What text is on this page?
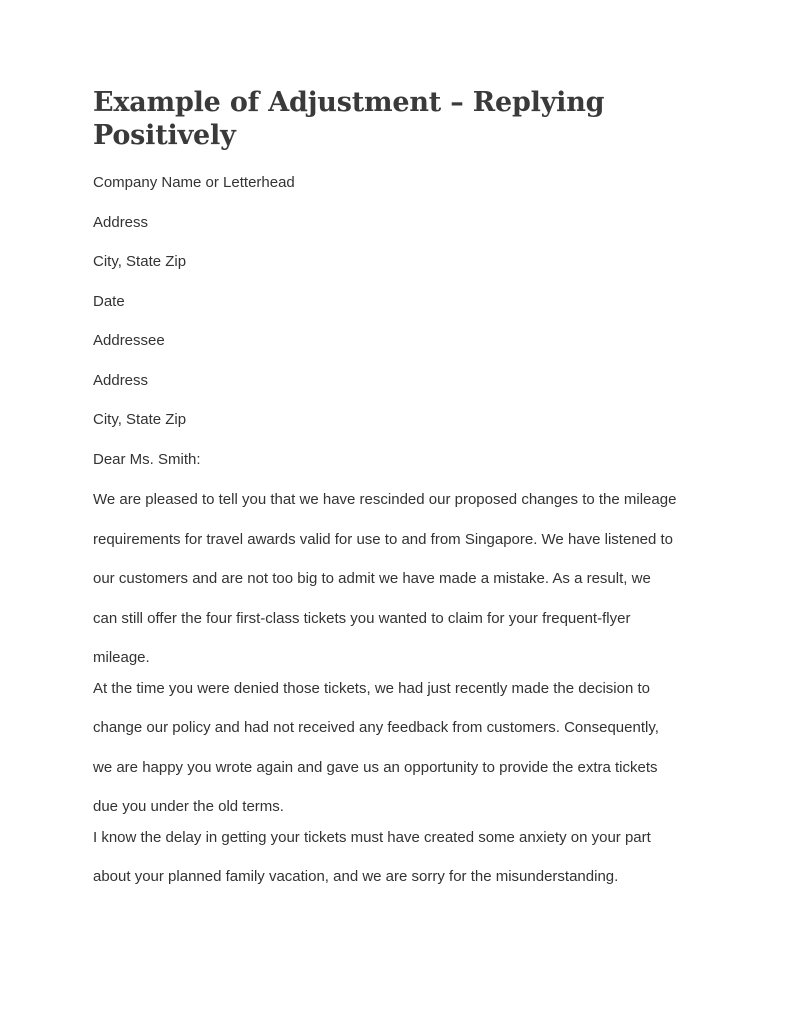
Example of Adjustment – Replying
Positively

Company Name or Letterhead

Address

City, State Zip

Date

Addressee

Address

City, State Zip

Dear Ms. Smith:

We are pleased to tell you that we have rescinded our proposed changes to the mileage
requirements for travel awards valid for use to and from Singapore. We have listened to
our customers and are not too big to admit we have made a mistake. As a result, we
can still offer the four first-class tickets you wanted to claim for your frequent-flyer
mileage.
At the time you were denied those tickets, we had just recently made the decision to
change our policy and had not received any feedback from customers. Consequently,
we are happy you wrote again and gave us an opportunity to provide the extra tickets
due you under the old terms.
I know the delay in getting your tickets must have created some anxiety on your part
about your planned family vacation, and we are sorry for the misunderstanding.
